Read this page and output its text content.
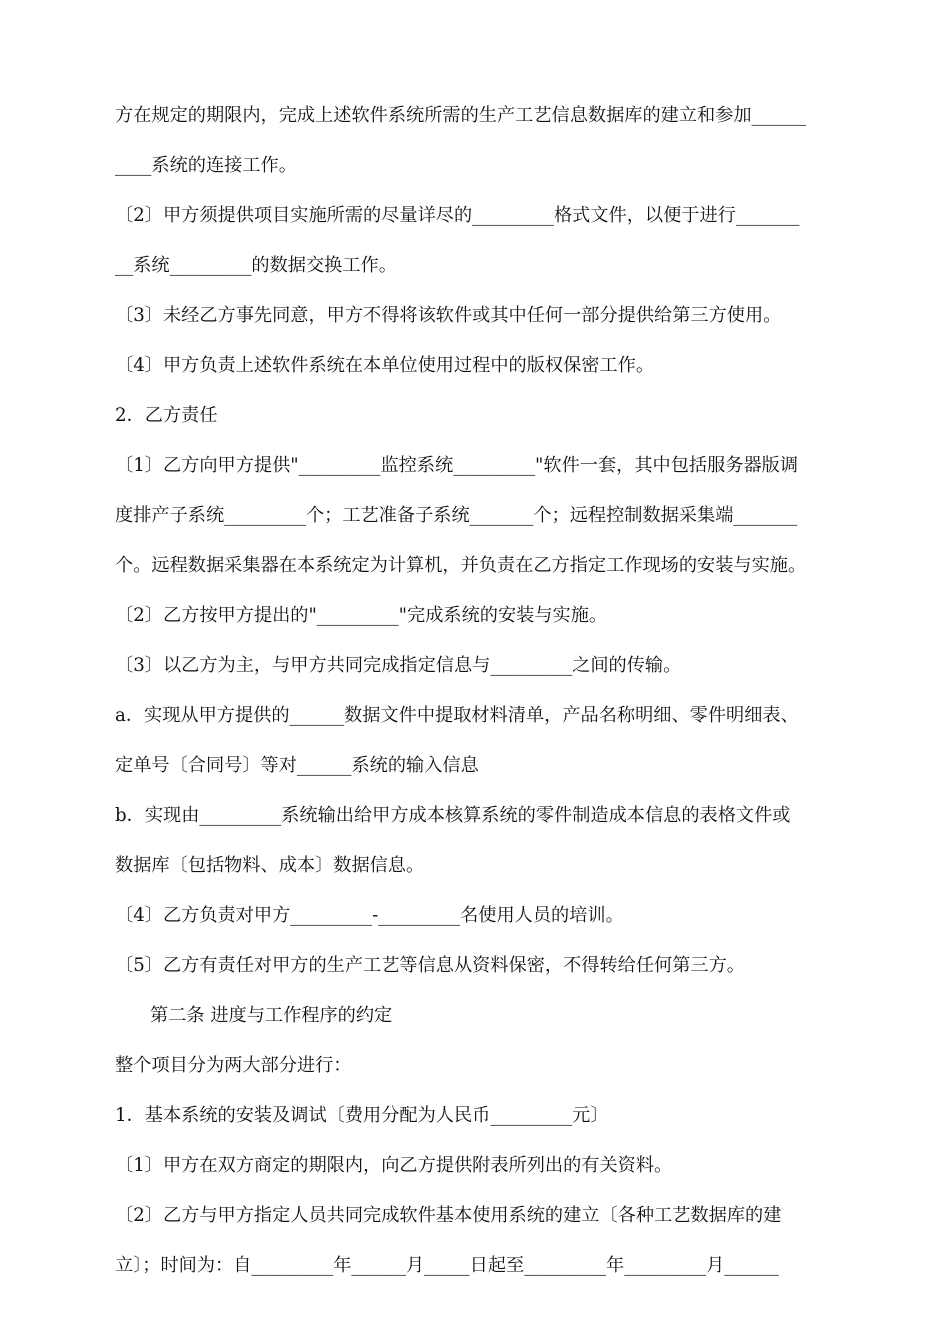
方在规定的期限内，完成上述软件系统所需的生产工艺信息数据库的建立和参加______
____系统的连接工作。
〔2〕甲方须提供项目实施所需的尽量详尽的_________格式文件，以便于进行_______
__系统_________的数据交换工作。
〔3〕未经乙方事先同意，甲方不得将该软件或其中任何一部分提供给第三方使用。
〔4〕甲方负责上述软件系统在本单位使用过程中的版权保密工作。
2．乙方责任
〔1〕乙方向甲方提供"_________监控系统_________"软件一套，其中包括服务器版调
度排产子系统_________个；工艺准备子系统_______个；远程控制数据采集端_______
个。远程数据采集器在本系统定为计算机，并负责在乙方指定工作现场的安装与实施。
〔2〕乙方按甲方提出的"_________"完成系统的安装与实施。
〔3〕以乙方为主，与甲方共同完成指定信息与_________之间的传输。
a．实现从甲方提供的______数据文件中提取材料清单，产品名称明细、零件明细表、
定单号〔合同号〕等对______系统的输入信息
b．实现由_________系统输出给甲方成本核算系统的零件制造成本信息的表格文件或
数据库〔包括物料、成本〕数据信息。
〔4〕乙方负责对甲方_________-_________名使用人员的培训。
〔5〕乙方有责任对甲方的生产工艺等信息从资料保密，不得转给任何第三方。
第二条 进度与工作程序的约定
整个项目分为两大部分进行：
1．基本系统的安装及调试〔费用分配为人民币_________元〕
〔1〕甲方在双方商定的期限内，向乙方提供附表所列出的有关资料。
〔2〕乙方与甲方指定人员共同完成软件基本使用系统的建立〔各种工艺数据库的建
立〕；时间为：自_________年______月_____日起至_________年_________月______
